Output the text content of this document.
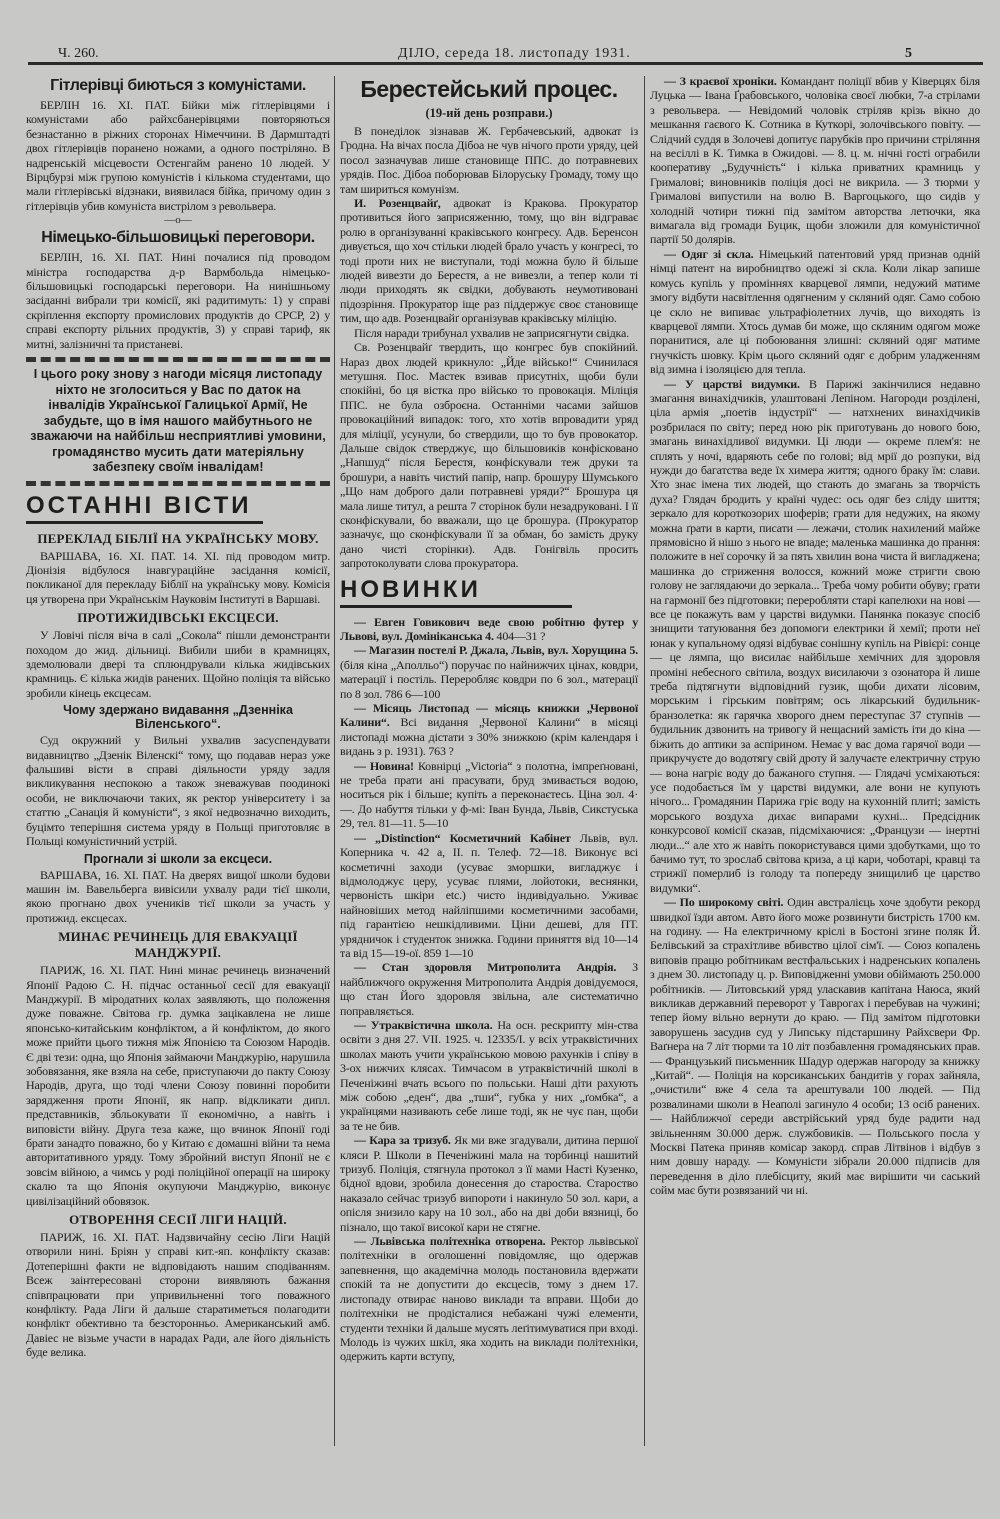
Ч. 260.	ДІЛО, середа 18. листопаду 1931.	5
Гітлерівці биються з комуністами.

БЕРЛІН 16. XI. ПАТ. Бійки між гітлерівцями і комуністами або райхсбанерівцями повторяються безнастанно в ріжних сторонах Німеччини. В Дармштадті двох гітлерівців поранено ножами, а одного постріляно. В надренській місцевости Остенгайм ранено 10 людей. У Вірцбурзі між групою комуністів і кількома студентами, що мали гітлерівські відзнаки, виявилася бійка, причому один з гітлерівців убив комуніста вистрілом з револьвера.

—o—
Німецько-більшовицькі переговори.

БЕРЛІН, 16. XI. ПАТ. Нині почалися під проводом міністра господарства д-р Вармбольда німецько-більшовицькі господарські переговори. На нинішньому засіданні вибрали три комісії, які радитимуть: 1) у справі скріплення експорту промислових продуктів до СРСР, 2) у справі експорту рільних продуктів, 3) у справі тариф, як митні, залізничні та пристаневі.

І цього року знову з нагоди місяця листопаду ніхто не зголоситься у Вас по даток на інвалідів Української Галицької Армії, Не забудьте, що в імя нашого майбутнього не зважаючи на найбільш несприятливі умовини, громадянство мусить дати матеріяльну забезпеку своїм інвалідам!
ОСТАННІ ВІСТИ
ПЕРЕКЛАД БІБЛІЇ НА УКРАЇНСЬКУ МОВУ.

ВАРШАВА, 16. XI. ПАТ. 14. XI. під проводом митр. Діонізія відбулося інавгураційне засідання комісії, покликаної для перекладу Біблії на українську мову. Комісія ця утворена при Українськім Науковім Інституті в Варшаві.

ПРОТИЖИДІВСЬКІ ЕКСЦЕСИ.

У Ловічі після віча в салі „Сокола“ пішли демонстранти походом до жид. дільниці. Вибили шиби в крамницях, здемолювали двері та сплюндрували кілька жидівських крамниць. Є кілька жидів ранених. Щойно поліція та військо зробили кінець ексцесам.

Чому здержано видавання „Дзенніка Віленського“.

Суд окружний у Вильні ухвалив засуспендувати видавництво „Дзенік Віленскі“ тому, що подавав нераз уже фальшиві вісти в справі діяльности уряду задля викликування неспокою а також зневажував поодинокі особи, не виключаючи таких, як ректор університету і за статтю „Санація й комуністи“, з якої недвозначно виходить, буцімто теперішня система уряду в Польщі приготовляє в Польщі комуністичний устрій.

Прогнали зі школи за ексцеси.

ВАРШАВА, 16. XI. ПАТ. На дверях вищої школи будови машин ім. Вавельберга вивісили ухвалу ради тієї школи, якою прогнано двох учеників тієї школи за участь у протижид. ексцесах.

МИНАЄ РЕЧИНЕЦЬ ДЛЯ ЕВАКУАЦІЇ МАНДЖУРІЇ.

ПАРИЖ, 16. XI. ПАТ. Нині минає речинець визначений Японії Радою С. Н. підчас останньої сесії для евакуації Манджурії. В міродатних колах заявляють, що положення дуже поважне. Світова гр. думка зацікавлена не лише японсько-китайським конфліктом, а й конфліктом, до якого може прийти цього тижня між Японією та Союзом Народів. Є дві тези: одна, що Японія займаючи Манджурію, нарушила зобовязання, яке взяла на себе, приступаючи до пакту Союзу Народів, друга, що тоді члени Союзу повинні поробити зарядження проти Японії, як напр. відкликати дипл. представників, збльокувати її економічно, а навіть і виповісти війну. Друга теза каже, що вчинок Японії годі брати занадто поважно, бо у Китаю є домашні війни та нема авторитативного уряду. Тому збройний виступ Японії не є зовсім війною, а чимсь у роді поліційної операції на широку скалю та що Японія окупуючи Манджурію, виконує цивілізаційний обовязок.

ОТВОРЕННЯ СЕСІЇ ЛІГИ НАЦІЙ.

ПАРИЖ, 16. XI. ПАТ. Надзвичайну сесію Ліги Націй отворили нині. Бріян у справі кит.-яп. конфлікту сказав: Дотеперішні факти не відповідають нашим сподіванням. Всеж заінтересовані сторони виявляють бажання співпрацювати при упривильненні того поважного конфлікту. Рада Ліги й дальше старатиметься полагодити конфлікт обективно та безсторонньо. Американський амб. Давіес не візьме участи в нарадах Ради, але його діяльність буде велика.

Берестейський процес.
(19-ий день розправи.)

В понеділок зізнавав Ж. Гербачевський, адвокат із Гродна. На вічах посла Дібоа не чув нічого проти уряду, цей посол зазначував лише становище ППС. до потравневих урядів. Пос. Дібоа поборював Білоруську Громаду, тому що там шириться комунізм.

И. Розенцвайґ, адвокат із Кракова. Прокуратор противиться його заприсяженню, тому, що він відграває ролю в організуванні краківського конгресу. Адв. Беренсон дивується, що хоч стільки людей брало участь у конгресі, то тоді проти них не виступали, тоді можна було й більше людей вивезти до Берестя, а не вивезли, а тепер коли ті люди приходять як свідки, добувають неумотивовані підозріння. Прокуратор іще раз піддержує своє становище тим, що адв. Розенцвайґ організував краківську міліцію.

Після наради трибунал ухвалив не заприсягнути свідка.

Св. Розенцвайґ твердить, що конгрес був спокійний. Нараз двох людей крикнуло: „Йде військо!“ Счинилася метушня. Пос. Мастек взивав присутніх, щоби були спокійні, бо ця вістка про військо то провокація. Міліція ППС. не була озброєна. Останніми часами зайшов провокаційний випадок: того, хто хотів впровадити уряд для міліції, усунули, бо ствердили, що то був провокатор. Дальше свідок стверджує, що більшовиків конфісковано „Напшуд“ після Берестя, конфіскували теж друки та брошури, а навіть чистий папір, напр. брошуру Шумського „Що нам доброго дали потравневі уряди?“ Брошура ця мала лише титул, а решта 7 сторінок були незадруковані. І її сконфіскували, бо вважали, що це брошура. (Прокуратор зазначує, що сконфіскували її за обман, бо замість друку дано чисті сторінки). Адв. Гонігвіль просить запротоколувати слова прокуратора.

НОВИНКИ

— Евген Говикович веде свою робітню футер у Львові, вул. Домініканська 4. 404—31 ?

— Магазин постелі Р. Джала, Львів, вул. Хорущина 5. (біля кіна „Аполльо“) поручає по найнижчих цінах, ковдри, матерації і постіль. Переробляє ковдри по 6 зол., матерації по 8 зол. 786 6—100

— Місяць Листопад — місяць книжки „Червоної Калини“. Всі видання „Червоної Калини“ в місяці листопаді можна дістати з 30% знижкою (крім календаря і видань з р. 1931). 763 ?

— Новина! Ковнірці „Victoria“ з полотна, імпреґновані, не треба прати ані прасувати, бруд змивається водою, носиться рік і більше; купіть а переконаєтесь. Ціна зол. 4·—. До набуття тільки у ф-мі: Іван Бунда, Львів, Сикстуська 29, тел. 81—11. 5—10

— „Distinction“ Косметичний Кабінет Львів, вул. Коперника ч. 42 а, II. п. Телеф. 72—18. Виконує всі косметичні заходи (усуває зморшки, вигладжує і відмолоджує церу, усуває плями, лойотоки, веснянки, червоність шкіри etc.) чисто індивідуально. Уживає найновіших метод найліпшими косметичними засобами, під гарантією нешкідливими. Ціни дешеві, для ПТ. урядничок і студенток знижка. Години приняття від 10—14 та від 15—19-ої. 859 1—10

— Стан здоровля Митрополита Андрія. З найближчого окруження Митрополита Андрія довідуємося, що стан Його здоровля звільна, але систематично поправляється.

— Утраквістична школа. На осн. рескрипту мін-ства освіти з дня 27. VII. 1925. ч. 12335/І. у всіх утраквістичних школах мають учити українською мовою рахунків і співу в 3-ох нижчих клясах. Тимчасом в утраквістичній школі в Печеніжині вчать всього по польськи. Наші діти рахують між собою „еден“, два „тши“, губка у них „ґомбка“, а українцями називають себе лише тоді, як не чує пан, щоби за те не бив.

— Кара за тризуб. Як ми вже згадували, дитина першої кляси Р. Школи в Печеніжині мала на торбинці нашитий тризуб. Поліція, стягнула протокол з її мами Насті Кузенко, бідної вдови, зробила донесення до староства. Староство наказало сейчас тризуб випороти і накинуло 50 зол. кари, а опісля знизило кару на 10 зол., або на дві доби вязниці, бо пізнало, що такої високої кари не стягне.

— Львівська політехніка отворена. Ректор львівської політехніки в оголошенні повідомляє, що одержав запевнення, що академічна молодь постановила вдержати спокій та не допустити до ексцесів, тому з днем 17. листопаду отвирає наново виклади та вправи. Щоби до політехніки не продісталися небажані чужі елементи, студенти техніки й дальше мусять леґітимуватися при вході. Молодь із чужих шкіл, яка ходить на виклади політехніки, одержить карти вступу,

— З краєвої хроніки. Командант поліції вбив у Ківерцях біля Луцька — Івана Ґрабовського, чоловіка своєї любки, 7-а стрілами з револьвера. — Невідомий чоловік стріляв крізь вікно до мешкання гаєвого К. Сотника в Куткорі, золочівського повіту. — Слідчий суддя в Золочеві допитує парубків про причини стріляння на весіллі в К. Тимка в Ожидові. — 8. ц. м. нічні гості ограбили кооперативу „Будучність“ і кілька приватних крамниць у Грималові; виновників поліція досі не викрила. — З тюрми у Грималові випустили на волю В. Варгоцького, що сидів у холодній чотири тижні під замітом авторства летючки, яка вимагала від громади Буцик, щоби зложили для комуністичної партії 50 долярів.

— Одяг зі скла. Німецький патентовий уряд признав одній німці патент на виробництво одежі зі скла. Коли лікар запише комусь купіль у проміннях кварцевої лямпи, недужий матиме змогу відбути насвітлення одягненим у скляний одяг. Само собою це скло не випиває ультрафіолетних лучів, що виходять із кварцевої лямпи. Хтось думав би може, що скляним одягом може поранитися, але ці побоювання злишні: скляний одяг матиме гнучкість шовку. Крім цього скляний одяг є добрим уладженням від зимна і ізоляцією для тепла.

— У царстві видумки. В Парижі закінчилися недавно змагання винахідчиків, улаштовані Лепіном. Нагороди розділені, ціла армія „поетів індустрії“ — натхнених винахідчиків розбрилася по світу; перед ною рік приготувань до нового бою, змагань винахідливої видумки. Ці люди — окреме плем'я: не сплять у ночі, вдаряють себе по голові; від мрії до розпуки, від нужди до багатства веде їх химера життя; одного браку їм: слави. Хто знає імена тих людей, що стають до змагань за творчість духа? Глядач бродить у країні чудес: ось одяг без сліду шиття; зеркало для короткозорих шоферів; грати для недужих, на якому можна ґрати в карти, писати — лежачи, столик нахилений майже прямовісно й нішо з нього не впаде; маленька машинка до прання: положите в неї сорочку й за пять хвилин вона чиста й вигладжена; машинка до стриження волосся, кожний може стригти свою голову не заглядаючи до зеркала... Треба чому робити обуву; грати на гармонії без підготовки; переробляти старі капелюхи на нові — все це покажуть вам у царстві видумки. Панянка показує спосіб знищити татуювання без допомоги електрики й хемії; проти неї юнак у купальному одязі відбуває сонішну купіль на Рівієрі: сонце — це лямпа, що висилає найбільше хемічних для здоровля проміні небесного світила, воздух висилаючи з озонатора й лише треба підтягнути відповідний гузик, щоби дихати лісовим, морським і гірським повітрям; ось лікарський будильник-бранзолетка: як гарячка хворого днем переступає 37 ступнів — будильник дзвонить на тривогу й нещасний замість іти до кіна — біжить до аптики за аспірином. Немає у вас дома гарячої води — прикручуєте до водотягу свій дроту й залучаєте електричну струю — вона нагріє воду до бажаного ступня. — Глядачі усміхаються: усе подобається їм у царстві видумки, але вони не купують нічого... Громадянин Парижа гріє воду на кухонній плиті; замість морського воздуха дихає випарами кухні... Предсідник конкурсової комісії сказав, підсміхаючися: „Французи — інертні люди...“ але хто ж навіть покористувався цими здобутками, що то бачимо тут, то зрослаб світова криза, а ці кари, чоботарі, кравці та стрижії померлиб із голоду та попереду знищилиб це царство видумки“.

— По широкому світі. Один австралієць хоче здобути рекорд швидкої їзди автом. Авто його може розвинути бистрість 1700 км. на годину. — На електричному кріслі в Бостоні згине поляк Й. Белівський за страхітливе вбивство цілої сім'ї. — Союз копалень виповів працю робітникам вестфальських і надренських копалень з днем 30. листопаду ц. р. Виповідженні умови обіймають 250.000 робітників. — Литовський уряд улаcкавив капітана Наюса, який викликав державний переворот у Таврогах і перебував на чужині; тепер йому вільно вернути до краю. — Під замітом підготовки заворушень засудив суд у Липську підстаршину Райхсвери Фр. Ваґнера на 7 літ тюрми та 10 літ позбавлення громадянських прав. — Французький письменник Шадур одержав нагороду за книжку „Китай“. — Поліція на корсиканських бандитів у горах зайняла, „очистили“ вже 4 села та арештували 100 людей. — Під розвалинами школи в Неаполі загинуло 4 особи; 13 осіб ранених. — Найближчої середи австрійський уряд буде радити над звільненням 30.000 держ. службовиків. — Польського посла у Москві Патека приняв комісар закорд. справ Літвінов і відбув з ним довшу нараду. — Комуністи зібрали 20.000 підписів для переведення в діло плебісциту, який має вирішити чи саський сойм має бути розвязаний чи ні.
